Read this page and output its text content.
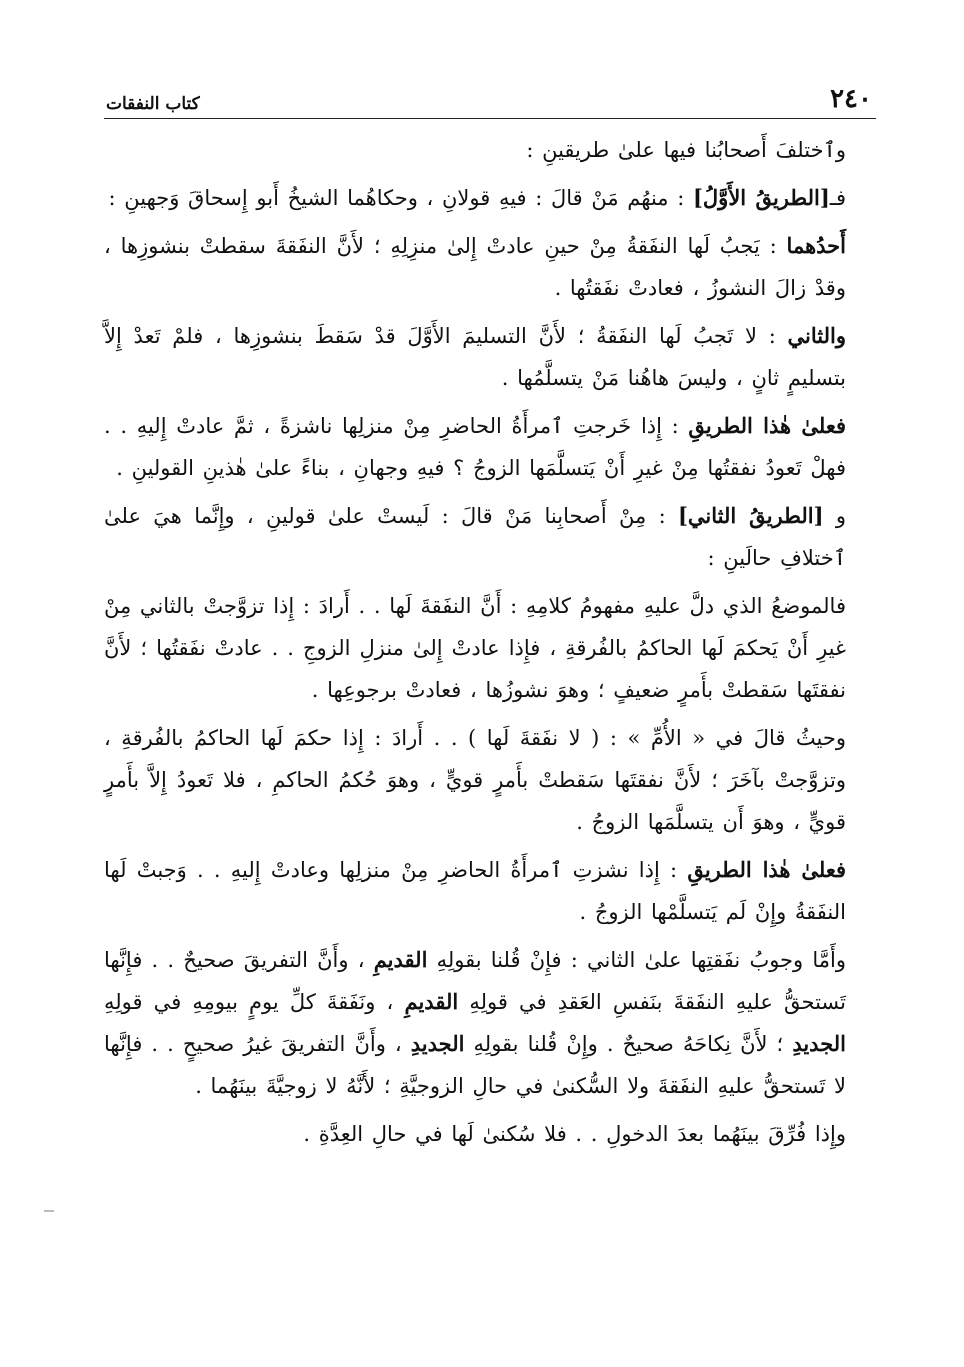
٢٤٠
كتاب النفقات

وٱختلفَ أَصحابُنا فيها علىٰ طريقينِ :

فـ[الطريقُ الأَوَّلُ] : منهُم مَنْ قالَ : فيهِ قولانِ ، وحكاهُما الشيخُ أَبو إِسحاقَ وَجهينِ :

أَحدُهما : يَجبُ لَها النفَقةُ مِنْ حينِ عادتْ إِلىٰ منزِلِهِ ؛ لأَنَّ النفَقةَ سقطتْ بنشوزِها ، وقدْ زالَ النشوزُ ، فعادتْ نفَقتُها .

والثاني : لا تَجبُ لَها النفَقةُ ؛ لأَنَّ التسليمَ الأَوَّلَ قدْ سَقطَ بنشوزِها ، فلمْ تَعدْ إِلاَّ بتسليمٍ ثانٍ ، وليسَ هاهُنا مَنْ يتسلَّمُها .

فعلىٰ هٰذا الطريقِ : إِذا خَرجتِ ٱمرأَةُ الحاضرِ مِنْ منزلِها ناشزةً ، ثمَّ عادتْ إِليهِ . . فهلْ تَعودُ نفقتُها مِنْ غيرِ أَنْ يَتسلَّمَها الزوجُ ؟ فيهِ وجهانِ ، بناءً علىٰ هٰذينِ القولينِ .

و [الطريقُ الثاني] : مِنْ أَصحابِنا مَنْ قالَ : لَيستْ علىٰ قولينِ ، وإِنَّما هيَ علىٰ ٱختلافِ حالَينِ :

فالموضعُ الذي دلَّ عليهِ مفهومُ كلامِهِ : أَنَّ النفَقةَ لَها . . أَرادَ : إِذا تزوَّجتْ بالثاني مِنْ غيرِ أَنْ يَحكمَ لَها الحاكمُ بالفُرقةِ ، فإِذا عادتْ إِلىٰ منزلِ الزوجِ . . عادتْ نفَقتُها ؛ لأَنَّ نفقتَها سَقطتْ بأَمرٍ ضعيفٍ ؛ وهوَ نشوزُها ، فعادتْ برجوعِها .

وحيثُ قالَ في « الأُمِّ » : ( لا نفَقةَ لَها ) . . أَرادَ : إِذا حكمَ لَها الحاكمُ بالفُرقةِ ، وتزوَّجتْ بآخَرَ ؛ لأَنَّ نفقتَها سَقطتْ بأَمرٍ قويٍّ ، وهوَ حُكمُ الحاكمِ ، فلا تَعودُ إِلاَّ بأَمرٍ قويٍّ ، وهوَ أَن يتسلَّمَها الزوجُ .

فعلىٰ هٰذا الطريقِ : إِذا نشزتِ ٱمرأَةُ الحاضرِ مِنْ منزلِها وعادتْ إِليهِ . . وَجبتْ لَها النفَقةُ وإِنْ لَم يَتسلَّمْها الزوجُ .

وأَمَّا وجوبُ نفَقتِها علىٰ الثاني : فإِنْ قُلنا بقولِهِ القديمِ ، وأَنَّ التفريقَ صحيحٌ . . فإِنَّها تَستحقُّ عليهِ النفَقةَ بنَفسِ العَقدِ في قولِهِ القديمِ ، ونَفَقةَ كلِّ يومٍ بيومِهِ في قولِهِ الجديدِ ؛ لأَنَّ نِكاحَهُ صحيحٌ . وإِنْ قُلنا بقولِهِ الجديدِ ، وأَنَّ التفريقَ غيرُ صحيحٍ . . فإِنَّها لا تَستحقُّ عليهِ النفَقةَ ولا السُّكنىٰ في حالِ الزوجيَّةِ ؛ لأَنَّهُ لا زوجيَّةَ بينَهُما .

وإِذا فُرِّقَ بينَهُما بعدَ الدخولِ . . فلا سُكنىٰ لَها في حالِ العِدَّةِ .
